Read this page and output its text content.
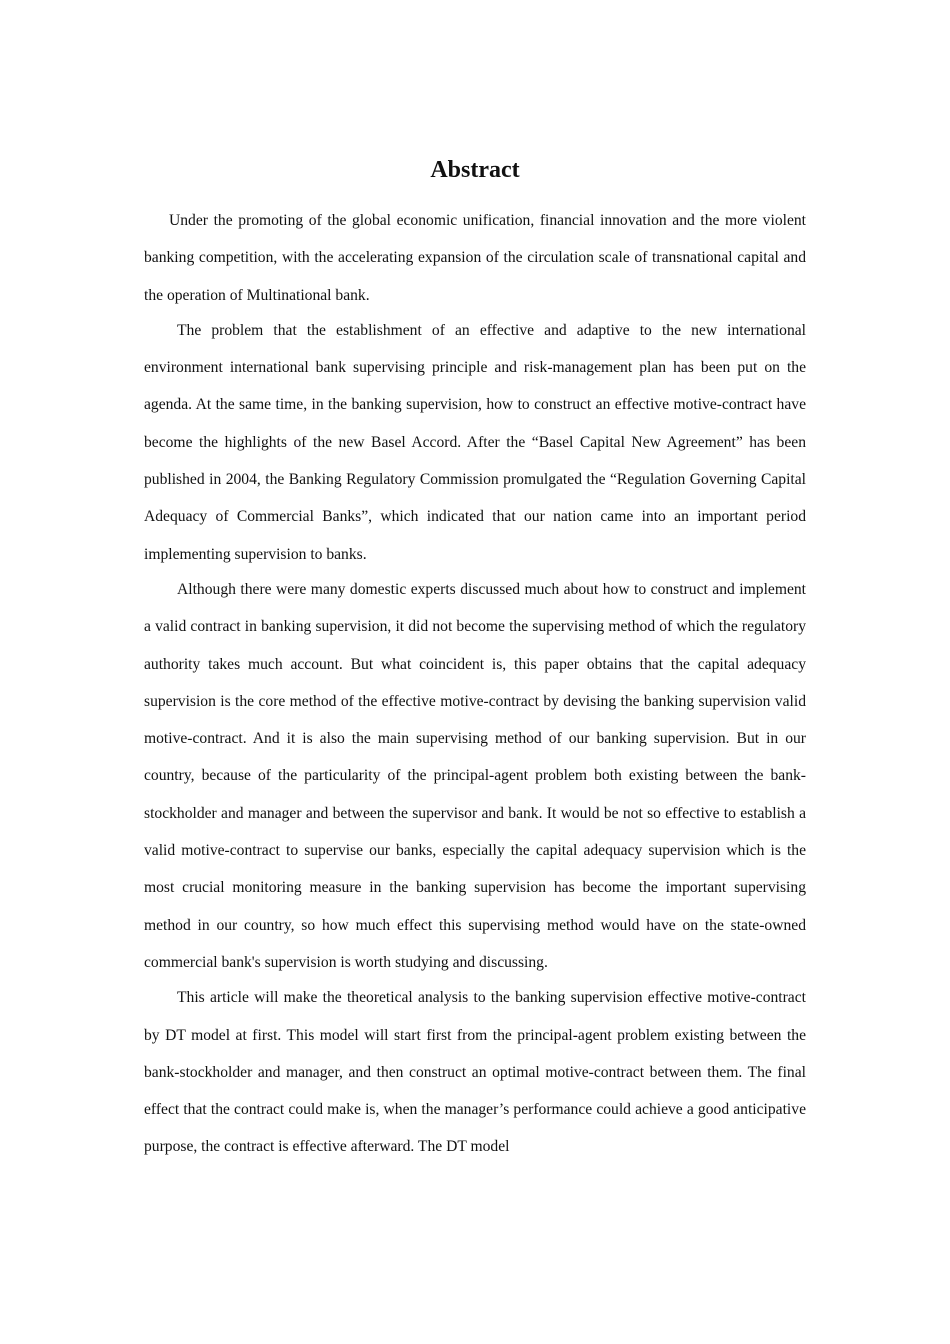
Abstract

Under the promoting of the global economic unification, financial innovation and the more violent banking competition, with the accelerating expansion of the circulation scale of transnational capital and the operation of Multinational bank.

The problem that the establishment of an effective and adaptive to the new international environment international bank supervising principle and risk-management plan has been put on the agenda. At the same time, in the banking supervision, how to construct an effective motive-contract have become the highlights of the new Basel Accord. After the “Basel Capital New Agreement” has been published in 2004, the Banking Regulatory Commission promulgated the “Regulation Governing Capital Adequacy of Commercial Banks”, which indicated that our nation came into an important period implementing supervision to banks.

Although there were many domestic experts discussed much about how to construct and implement a valid contract in banking supervision, it did not become the supervising method of which the regulatory authority takes much account. But what coincident is, this paper obtains that the capital adequacy supervision is the core method of the effective motive-contract by devising the banking supervision valid motive-contract. And it is also the main supervising method of our banking supervision. But in our country, because of the particularity of the principal-agent problem both existing between the bank-stockholder and manager and between the supervisor and bank. It would be not so effective to establish a valid motive-contract to supervise our banks, especially the capital adequacy supervision which is the most crucial monitoring measure in the banking supervision has become the important supervising method in our country, so how much effect this supervising method would have on the state-owned commercial bank's supervision is worth studying and discussing.

This article will make the theoretical analysis to the banking supervision effective motive-contract by DT model at first. This model will start first from the principal-agent problem existing between the bank-stockholder and manager, and then construct an optimal motive-contract between them. The final effect that the contract could make is, when the manager’s performance could achieve a good anticipative purpose, the contract is effective afterward. The DT model
